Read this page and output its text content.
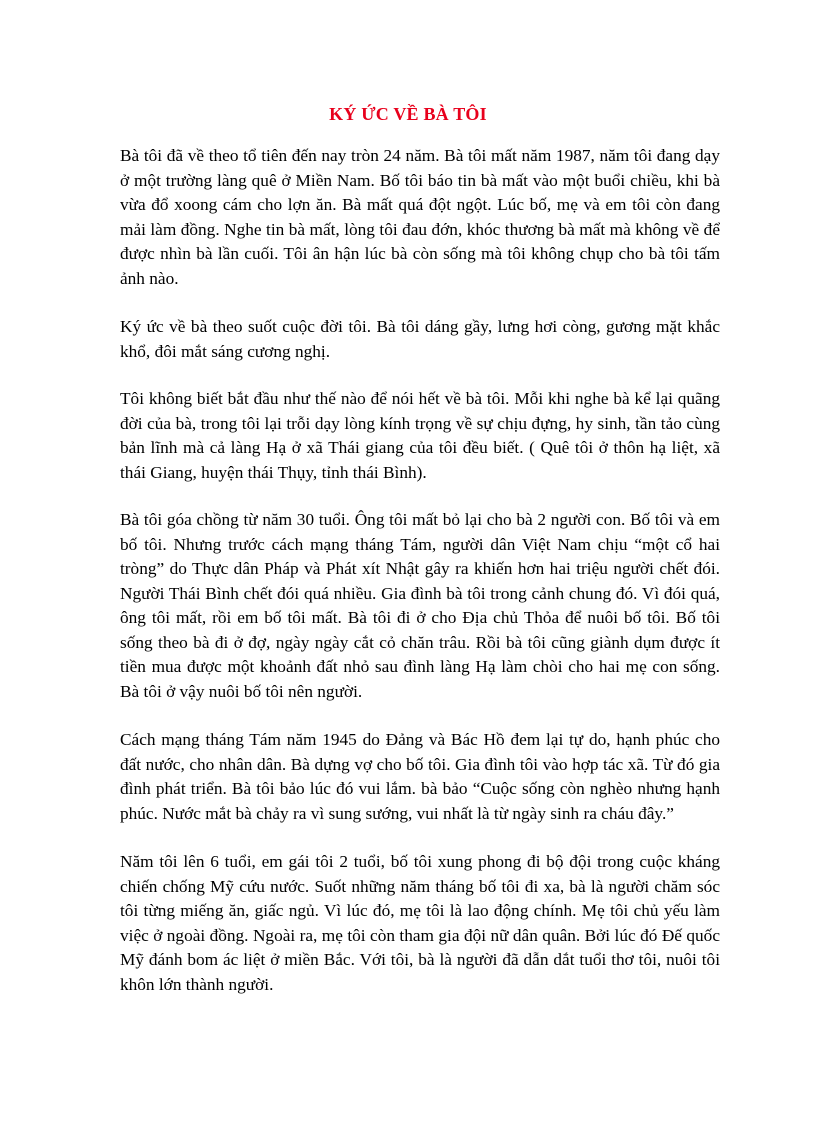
KÝ ỨC VỀ BÀ TÔI

Bà tôi đã về theo tổ tiên đến nay tròn 24 năm. Bà tôi mất năm 1987, năm tôi đang dạy ở một trường làng quê ở Miền Nam. Bố tôi báo tin bà mất vào một buổi chiều, khi bà vừa đổ xoong cám cho lợn ăn. Bà mất quá đột ngột. Lúc bố, mẹ và em tôi còn đang mải làm đồng. Nghe tin bà mất, lòng tôi đau đớn, khóc thương bà mất mà không về để được nhìn bà lần cuối. Tôi ân hận lúc bà còn sống mà tôi không chụp cho bà tôi tấm ảnh nào.

Ký ức về bà theo suốt cuộc đời tôi. Bà tôi dáng gầy, lưng hơi còng, gương mặt khắc khổ, đôi mắt sáng cương nghị.

Tôi không biết bắt đầu như thế nào để nói hết về bà tôi. Mỗi khi nghe bà kể lại quãng đời của bà, trong tôi lại trỗi dạy lòng kính trọng về sự chịu đựng, hy sinh, tần tảo cùng bản lĩnh mà cả làng Hạ ở xã Thái giang của tôi đều biết. ( Quê tôi ở thôn hạ liệt, xã thái Giang, huyện thái Thụy, tỉnh thái Bình).

Bà tôi góa chồng từ năm 30 tuổi. Ông tôi mất bỏ lại cho bà 2 người con. Bố tôi và em bố tôi. Nhưng trước cách mạng tháng Tám, người dân Việt Nam chịu “một cổ hai tròng” do Thực dân Pháp và Phát xít Nhật gây ra khiến hơn hai triệu người chết đói. Người Thái Bình chết đói quá nhiều. Gia đình bà tôi trong cảnh chung đó. Vì đói quá, ông tôi mất, rồi em bố tôi mất. Bà tôi đi ở cho Địa chủ Thỏa để nuôi bố tôi. Bố tôi sống theo bà đi ở đợ, ngày ngày cắt cỏ chăn trâu. Rồi bà tôi cũng giành dụm được ít tiền mua được một khoảnh đất nhỏ sau đình làng Hạ làm chòi cho hai mẹ con sống. Bà tôi ở vậy nuôi bố tôi nên người.

Cách mạng tháng Tám năm 1945 do Đảng và Bác Hồ đem lại tự do, hạnh phúc cho đất nước, cho nhân dân. Bà dựng vợ cho bố tôi. Gia đình tôi vào hợp tác xã. Từ đó gia đình phát triển. Bà tôi bảo lúc đó vui lắm. bà bảo “Cuộc sống còn nghèo nhưng hạnh phúc. Nước mắt bà chảy ra vì sung sướng, vui nhất là từ ngày sinh ra cháu đây.”

Năm tôi lên 6 tuổi, em gái tôi 2 tuổi, bố tôi xung phong đi bộ đội trong cuộc kháng chiến chống Mỹ cứu nước. Suốt những năm tháng bố tôi đi xa, bà là người chăm sóc tôi từng miếng ăn, giấc ngủ. Vì lúc đó, mẹ tôi là lao động chính. Mẹ tôi chủ yếu làm việc ở ngoài đồng. Ngoài ra, mẹ tôi còn tham gia đội nữ dân quân. Bởi lúc đó Đế quốc Mỹ đánh bom ác liệt ở miền Bắc. Với tôi, bà là người đã dẫn dắt tuổi thơ tôi, nuôi tôi khôn lớn thành người.
